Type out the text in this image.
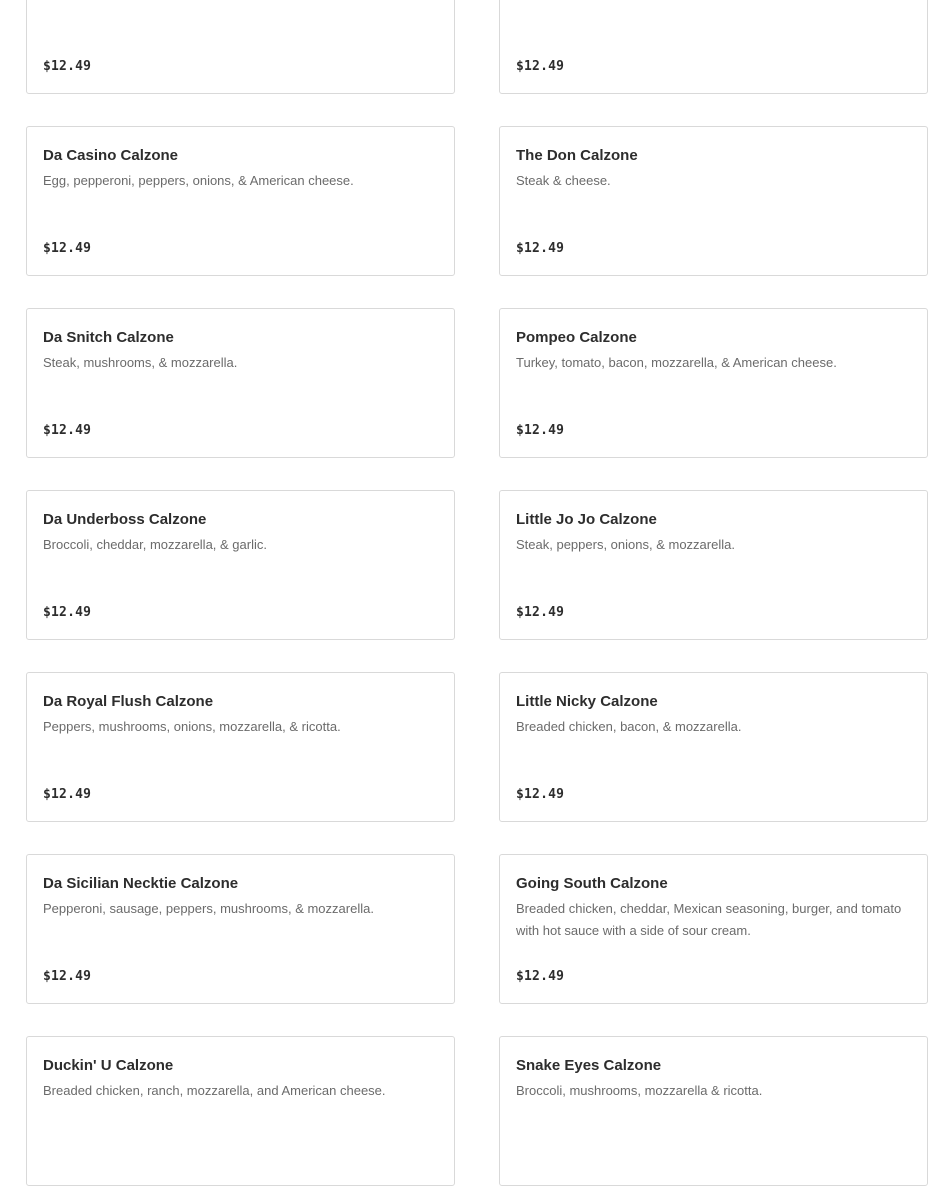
$12.49	$12.49
Da Casino Calzone
Egg, pepperoni, peppers, onions, & American cheese.
$12.49
The Don Calzone
Steak & cheese.
$12.49
Da Snitch Calzone
Steak, mushrooms, & mozzarella.
$12.49
Pompeo Calzone
Turkey, tomato, bacon, mozzarella, & American cheese.
$12.49
Da Underboss Calzone
Broccoli, cheddar, mozzarella, & garlic.
$12.49
Little Jo Jo Calzone
Steak, peppers, onions, & mozzarella.
$12.49
Da Royal Flush Calzone
Peppers, mushrooms, onions, mozzarella, & ricotta.
$12.49
Little Nicky Calzone
Breaded chicken, bacon, & mozzarella.
$12.49
Da Sicilian Necktie Calzone
Pepperoni, sausage, peppers, mushrooms, & mozzarella.
$12.49
Going South Calzone
Breaded chicken, cheddar, Mexican seasoning, burger, and tomato with hot sauce with a side of sour cream.
$12.49
Duckin' U Calzone
Breaded chicken, ranch, mozzarella, and American cheese.
Snake Eyes Calzone
Broccoli, mushrooms, mozzarella & ricotta.
